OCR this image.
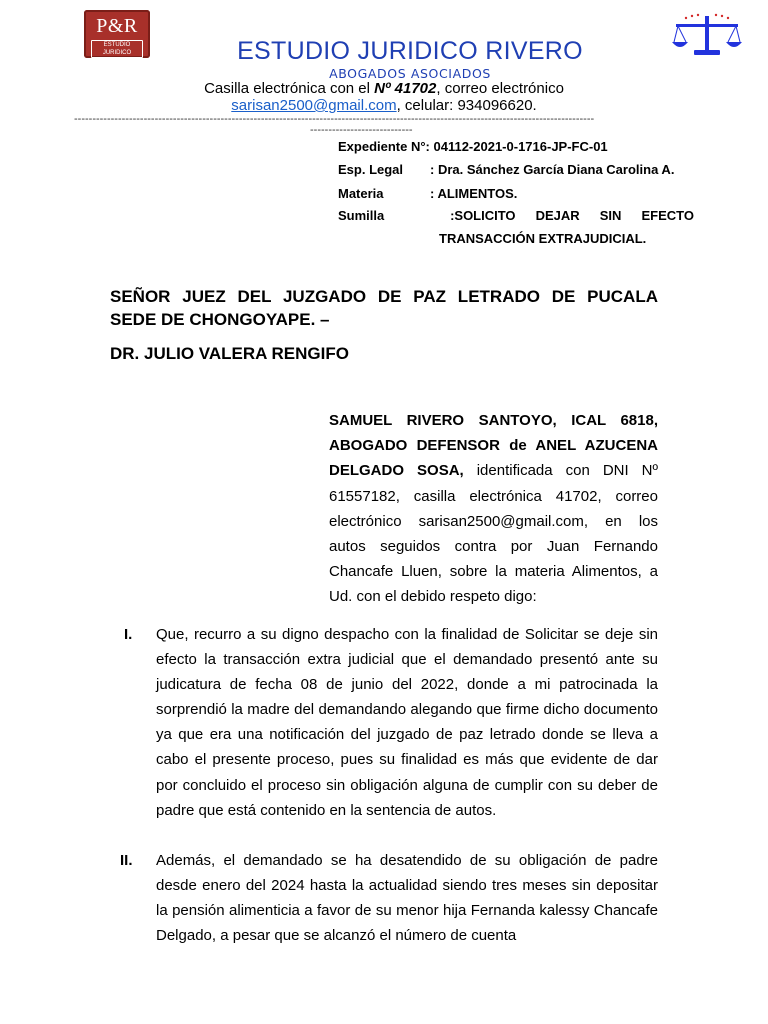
P&R
ESTUDIO JURIDICO	ESTUDIO JURIDICO RIVERO
ABOGADOS ASOCIADOS
Casilla electrónica con el Nº 41702, correo electrónico
sarisan2500@gmail.com, celular: 934096620.
----------------------------------------------------------------------------------------------------------------------------------------------
----------------------------
Expediente N°: 04112-2021-0-1716-JP-FC-01
Esp. Legal : Dra. Sánchez García Diana Carolina A.
Materia	: ALIMENTOS.
Sumilla	:SOLICITO DEJAR SIN EFECTO
TRANSACCIÓN EXTRAJUDICIAL.
SEÑOR JUEZ DEL JUZGADO DE PAZ LETRADO DE PUCALA
SEDE DE CHONGOYAPE. –
DR. JULIO VALERA RENGIFO
SAMUEL RIVERO SANTOYO, ICAL 6818, ABOGADO DEFENSOR de ANEL AZUCENA DELGADO SOSA, identificada con DNI Nº 61557182, casilla electrónica 41702, correo electrónico sarisan2500@gmail.com, en los autos seguidos contra por Juan Fernando Chancafe Lluen, sobre la materia Alimentos, a Ud. con el debido respeto digo:
I.	Que, recurro a su digno despacho con la finalidad de Solicitar se deje sin efecto la transacción extra judicial que el demandado presentó ante su judicatura de fecha 08 de junio del 2022, donde a mi patrocinada la sorprendió la madre del demandando alegando que firme dicho documento ya que era una notificación del juzgado de paz letrado donde se lleva a cabo el presente proceso, pues su finalidad es más que evidente de dar por concluido el proceso sin obligación alguna de cumplir con su deber de padre que está contenido en la sentencia de autos.
II.	Además, el demandado se ha desatendido de su obligación de padre desde enero del 2024 hasta la actualidad siendo tres meses sin depositar la pensión alimenticia a favor de su menor hija Fernanda kalessy Chancafe Delgado, a pesar que se alcanzó el número de cuenta
